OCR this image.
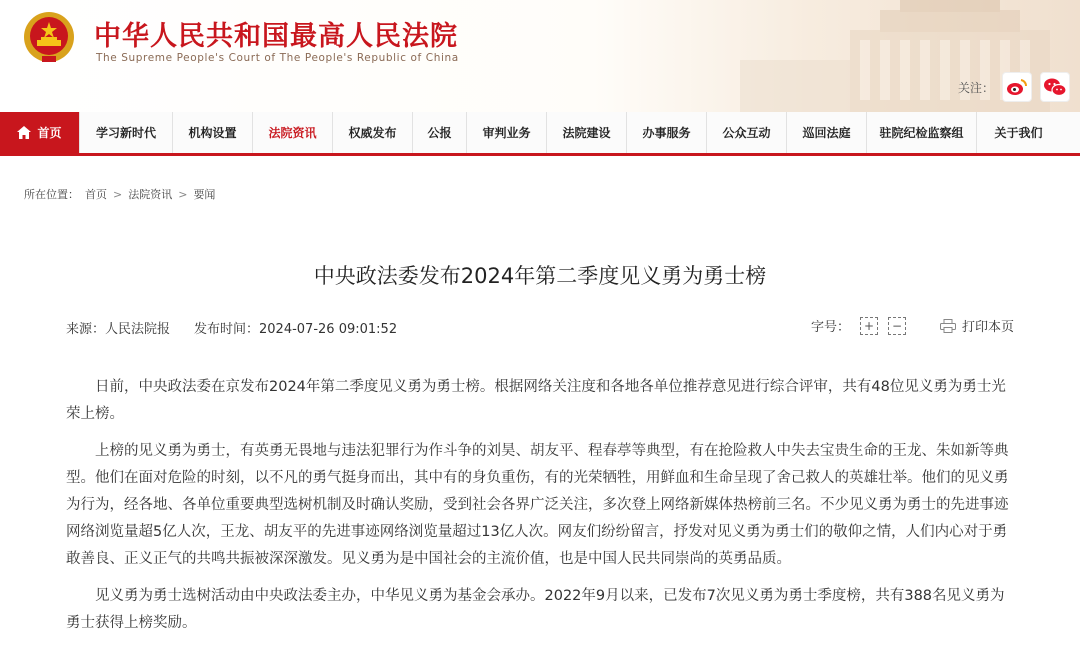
中华人民共和国最高人民法院
The Supreme People's Court of The People's Republic of China
关注：
首页	学习新时代	机构设置	法院资讯	权威发布	公报	审判业务	法院建设	办事服务	公众互动	巡回法庭	驻院纪检监察组	关于我们
所在位置： 首页 > 法院资讯 > 要闻
中央政法委发布2024年第二季度见义勇为勇士榜
来源：人民法院报 发布时间：2024-07-26 09:01:52	字号：	+	−	打印本页

日前，中央政法委在京发布2024年第二季度见义勇为勇士榜。根据网络关注度和各地各单位推荐意见进行综合评审，共有48位见义勇为勇士光荣上榜。

上榜的见义勇为勇士，有英勇无畏地与违法犯罪行为作斗争的刘昊、胡友平、程春葶等典型，有在抢险救人中失去宝贵生命的王龙、朱如新等典型。他们在面对危险的时刻，以不凡的勇气挺身而出，其中有的身负重伤，有的光荣牺牲，用鲜血和生命呈现了舍己救人的英雄壮举。他们的见义勇为行为，经各地、各单位重要典型选树机制及时确认奖励，受到社会各界广泛关注，多次登上网络新媒体热榜前三名。不少见义勇为勇士的先进事迹网络浏览量超5亿人次，王龙、胡友平的先进事迹网络浏览量超过13亿人次。网友们纷纷留言，抒发对见义勇为勇士们的敬仰之情，人们内心对于勇敢善良、正义正气的共鸣共振被深深激发。见义勇为是中国社会的主流价值，也是中国人民共同崇尚的英勇品质。

见义勇为勇士选树活动由中央政法委主办，中华见义勇为基金会承办。2022年9月以来，已发布7次见义勇为勇士季度榜，共有388名见义勇为勇士获得上榜奖励。
